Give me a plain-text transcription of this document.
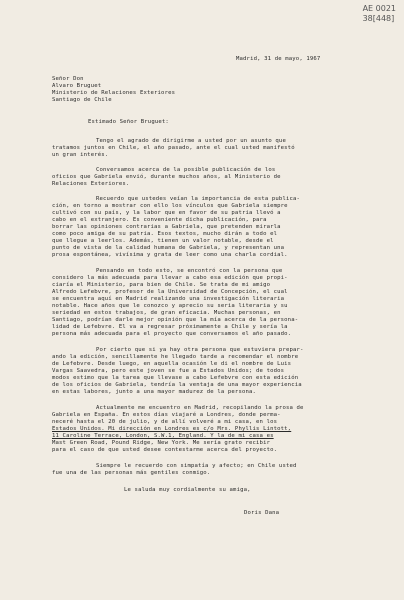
AE 0021
38[448]
Madrid, 31 de mayo, 1967
Señor Don
Alvaro Bruguet
Ministerio de Relaciones Exteriores
Santiago de Chile
Estimado Señor Bruguet:
Tengo el agrado de dirigirme a usted por un asunto que
tratamos juntos en Chile, el año pasado, ante el cual usted manifestó
un gran interés.
Conversamos acerca de la posible publicación de los
oficios que Gabriela envió, durante muchos años, al Ministerio de
Relaciones Exteriores.
Recuerdo que ustedes veían la importancia de esta publica-
ción, en torno a mostrar con ello los vínculos que Gabriela siempre
cultivó con su país, y la labor que en favor de su patria llevó a
cabo en el extranjero. Es conveniente dicha publicación, para
borrar las opiniones contrarias a Gabriela, que pretenden mirarla
como poco amiga de su patria. Esos textos, mucho dirán a todo el
que llegue a leerlos. Además, tienen un valor notable, desde el
punto de vista de la calidad humana de Gabriela, y representan una
prosa espontánea, vivísima y grata de leer como una charla cordial.
Pensando en todo esto, se encontró con la persona que
considero la más adecuada para llevar a cabo esa edición que propi-
ciaría el Ministerio, para bien de Chile. Se trata de mi amigo
Alfredo Lefebvre, profesor de la Universidad de Concepción, el cual
se encuentra aquí en Madrid realizando una investigación literaria
notable. Hace años que le conozco y aprecio su seria literaria y su
seriedad en estos trabajos, de gran eficacia. Muchas personas, en
Santiago, podrían darle mejor opinión que la mía acerca de la persona-
lidad de Lefebvre. El va a regresar próximamente a Chile y sería la
persona más adecuada para el proyecto que conversamos el año pasado.
Por cierto que si ya hay otra persona que estuviera prepar-
ando la edición, sencillamente he llegado tarde a recomendar el nombre
de Lefebvre. Desde luego, en aquella ocasión le di el nombre de Luis
Vargas Saavedra, pero este joven se fue a Estados Unidos; de todos
modos estimo que la tarea que llevase a cabo Lefebvre con esta edición
de los oficios de Gabriela, tendría la ventaja de una mayor experiencia
en estas labores, junto a una mayor madurez de la persona.
Actualmente me encuentro en Madrid, recopilando la prosa de
Gabriela en España. En estos días viajaré a Londres, donde perma-
neceré hasta el 20 de julio, y de allí volveré a mi casa, en los
Estados Unidos. Mi dirección en Londres es c/o Mrs. Phyllis Lintott,
11 Caroline Terrace, London, S.W.1, England. Y la de mi casa es
Mast Green Road, Pound Ridge, New York. Me sería grato recibir
para el caso de que usted desee contestarme acerca del proyecto.
Siempre le recuerdo con simpatía y afecto; en Chile usted
fue una de las personas más gentiles conmigo.
Le saluda muy cordialmente su amiga,
Doris Dana
